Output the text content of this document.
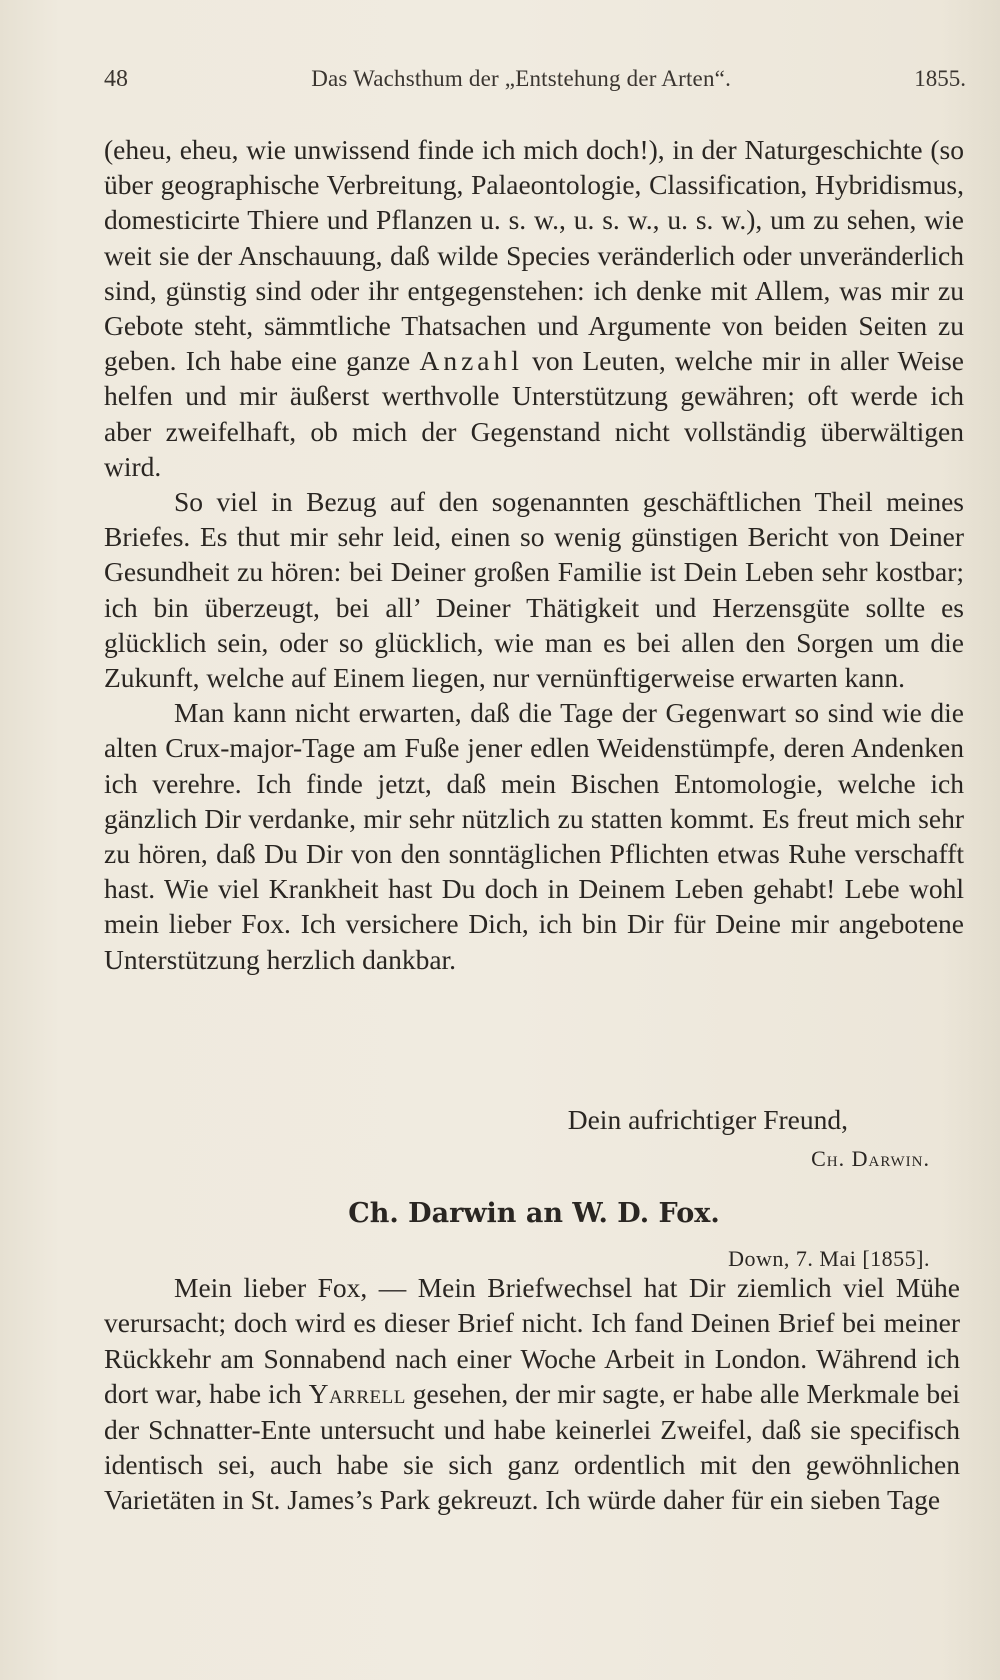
48	Das Wachsthum der „Entstehung der Arten“.	1855.

(eheu, eheu, wie unwissend finde ich mich doch!), in der Naturgeschichte (so über geographische Verbreitung, Palaeontologie, Classification, Hybridismus, domesticirte Thiere und Pflanzen u. s. w., u. s. w., u. s. w.), um zu sehen, wie weit sie der Anschauung, daß wilde Species veränderlich oder unveränderlich sind, günstig sind oder ihr entgegenstehen: ich denke mit Allem, was mir zu Gebote steht, sämmtliche Thatsachen und Argumente von beiden Seiten zu geben. Ich habe eine ganze Anzahl von Leuten, welche mir in aller Weise helfen und mir äußerst werthvolle Unterstützung gewähren; oft werde ich aber zweifelhaft, ob mich der Gegenstand nicht vollständig überwältigen wird.

So viel in Bezug auf den sogenannten geschäftlichen Theil meines Briefes. Es thut mir sehr leid, einen so wenig günstigen Bericht von Deiner Gesundheit zu hören: bei Deiner großen Familie ist Dein Leben sehr kostbar; ich bin überzeugt, bei all’ Deiner Thätigkeit und Herzensgüte sollte es glücklich sein, oder so glücklich, wie man es bei allen den Sorgen um die Zukunft, welche auf Einem liegen, nur vernünftigerweise erwarten kann.

Man kann nicht erwarten, daß die Tage der Gegenwart so sind wie die alten Crux-major-Tage am Fuße jener edlen Weidenstümpfe, deren Andenken ich verehre. Ich finde jetzt, daß mein Bischen Entomologie, welche ich gänzlich Dir verdanke, mir sehr nützlich zu statten kommt. Es freut mich sehr zu hören, daß Du Dir von den sonntäglichen Pflichten etwas Ruhe verschafft hast. Wie viel Krankheit hast Du doch in Deinem Leben gehabt! Lebe wohl mein lieber Fox. Ich versichere Dich, ich bin Dir für Deine mir angebotene Unterstützung herzlich dankbar.

Dein aufrichtiger Freund,
Ch. Darwin.
Ch. Darwin an W. D. Fox.
Down, 7. Mai [1855].

Mein lieber Fox, — Mein Briefwechsel hat Dir ziemlich viel Mühe verursacht; doch wird es dieser Brief nicht. Ich fand Deinen Brief bei meiner Rückkehr am Sonnabend nach einer Woche Arbeit in London. Während ich dort war, habe ich Yarrell gesehen, der mir sagte, er habe alle Merkmale bei der Schnatter-Ente untersucht und habe keinerlei Zweifel, daß sie specifisch identisch sei, auch habe sie sich ganz ordentlich mit den gewöhnlichen Varietäten in St. James’s Park gekreuzt. Ich würde daher für ein sieben Tage
